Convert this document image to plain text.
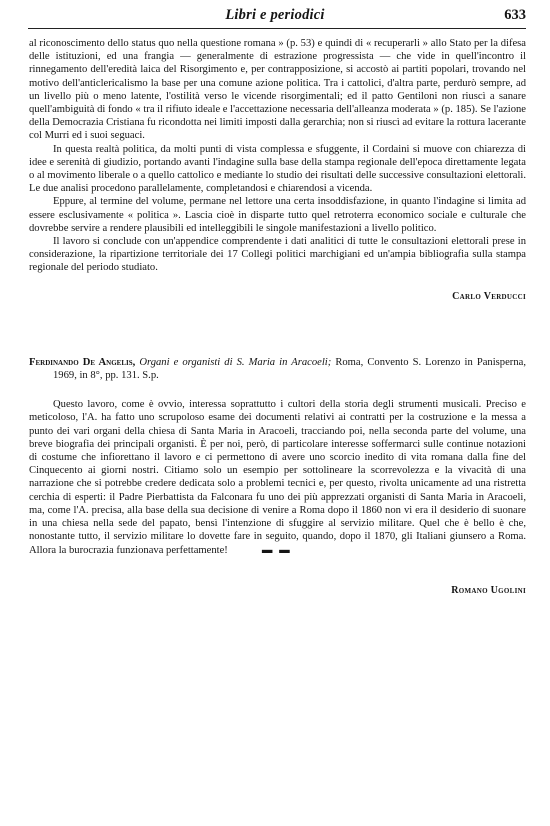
Libri e periodici	633

al riconoscimento dello status quo nella questione romana » (p. 53) e quindi di « recuperarli » allo Stato per la difesa delle istituzioni, ed una frangia — generalmente di estrazione progressista — che vide in quell'incontro il rinnegamento dell'eredità laica del Risorgimento e, per contrapposizione, si accostò ai partiti popolari, trovando nel motivo dell'anticlericalismo la base per una comune azione politica. Tra i cattolici, d'altra parte, perdurò sempre, ad un livello più o meno latente, l'ostilità verso le vicende risorgimentali; ed il patto Gentiloni non riuscì a sanare quell'ambiguità di fondo « tra il rifiuto ideale e l'accettazione necessaria dell'alleanza moderata » (p. 185). Se l'azione della Democrazia Cristiana fu ricondotta nei limiti imposti dalla gerarchia; non si riuscì ad evitare la rottura lacerante col Murri ed i suoi seguaci.

In questa realtà politica, da molti punti di vista complessa e sfuggente, il Cordaini si muove con chiarezza di idee e serenità di giudizio, portando avanti l'indagine sulla base della stampa regionale dell'epoca direttamente legata o al movimento liberale o a quello cattolico e mediante lo studio dei risultati delle successive consultazioni elettorali. Le due analisi procedono parallelamente, completandosi e chiarendosi a vicenda.

Eppure, al termine del volume, permane nel lettore una certa insoddisfazione, in quanto l'indagine si limita ad essere esclusivamente « politica ». Lascia cioè in disparte tutto quel retroterra economico sociale e culturale che dovrebbe servire a rendere plausibili ed intelleggibili le singole manifestazioni a livello politico.

Il lavoro si conclude con un'appendice comprendente i dati analitici di tutte le consultazioni elettorali prese in considerazione, la ripartizione territoriale dei 17 Collegi politici marchigiani ed un'ampia bibliografia sulla stampa regionale del periodo studiato.

Carlo Verducci

Ferdinando De Angelis, Organi e organisti di S. Maria in Aracoeli; Roma, Convento S. Lorenzo in Panisperna, 1969, in 8°, pp. 131. S.p.

Questo lavoro, come è ovvio, interessa soprattutto i cultori della storia degli strumenti musicali. Preciso e meticoloso, l'A. ha fatto uno scrupoloso esame dei documenti relativi ai contratti per la costruzione e la messa a punto dei vari organi della chiesa di Santa Maria in Aracoeli, tracciando poi, nella seconda parte del volume, una breve biografia dei principali organisti. È per noi, però, di particolare interesse soffermarci sulle continue notazioni di costume che infiorettano il lavoro e ci permettono di avere uno scorcio inedito di vita romana dalla fine del Cinquecento ai giorni nostri. Citiamo solo un esempio per sottolineare la scorrevolezza e la vivacità di una narrazione che si potrebbe credere dedicata solo a problemi tecnici e, per questo, rivolta unicamente ad una ristretta cerchia di esperti: il Padre Pierbattista da Falconara fu uno dei più apprezzati organisti di Santa Maria in Aracoeli, ma, come l'A. precisa, alla base della sua decisione di venire a Roma dopo il 1860 non vi era il desiderio di suonare in una chiesa nella sede del papato, bensì l'intenzione di sfuggire al servizio militare. Quel che è bello è che, nonostante tutto, il servizio militare lo dovette fare in seguito, quando, dopo il 1870, gli Italiani giunsero a Roma. Allora la burocrazia funzionava perfettamente!	▬ ▬

Romano Ugolini
